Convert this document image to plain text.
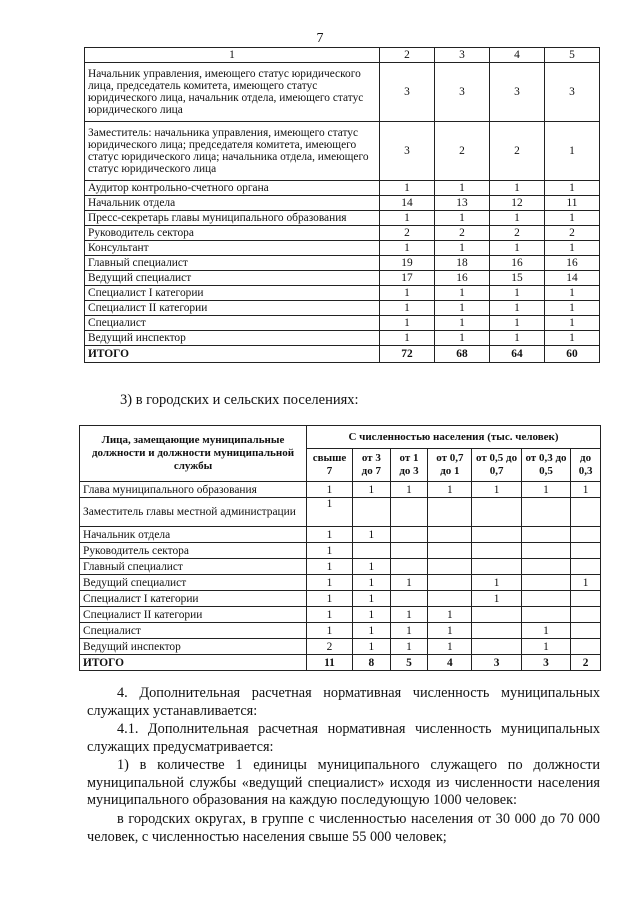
7
1	2	3	4	5
Начальник управления, имеющего статус юридического лица, председатель комитета, имеющего статус юридического лица, начальник отдела, имеющего статус юридического лица	3	3	3	3
Заместитель: начальника управления, имеющего статус юридического лица; председателя комитета, имеющего статус юридического лица; начальника отдела, имеющего статус юридического лица	3	2	2	1
Аудитор контрольно-счетного органа	1	1	1	1
Начальник отдела	14	13	12	11
Пресс-секретарь главы муниципального образования	1	1	1	1
Руководитель сектора	2	2	2	2
Консультант	1	1	1	1
Главный специалист	19	18	16	16
Ведущий специалист	17	16	15	14
Специалист I категории	1	1	1	1
Специалист II категории	1	1	1	1
Специалист	1	1	1	1
Ведущий инспектор	1	1	1	1
ИТОГО	72	68	64	60
3) в городских и сельских поселениях:
Лица, замещающие муниципальные должности и должности муниципальной службы	С численностью населения (тыс. человек)						
	свыше 7	от 3 до 7	от 1 до 3	от 0,7 до 1	от 0,5 до 0,7	от 0,3 до 0,5	до 0,3
Глава муниципального образования	1	1	1	1	1	1	1
Заместитель главы местной администрации	1						
Начальник отдела	1	1					
Руководитель сектора	1						
Главный специалист	1	1					
Ведущий специалист	1	1	1		1		1
Специалист I категории	1	1			1		
Специалист II категории	1	1	1	1			
Специалист	1	1	1	1		1	
Ведущий инспектор	2	1	1	1		1	
ИТОГО	11	8	5	4	3	3	2
4. Дополнительная расчетная нормативная численность муниципальных служащих устанавливается:
4.1. Дополнительная расчетная нормативная численность муниципальных служащих предусматривается:
1) в количестве 1 единицы муниципального служащего по должности муниципальной службы «ведущий специалист» исходя из численности населения муниципального образования на каждую последующую 1000 человек:
в городских округах, в группе с численностью населения от 30 000 до 70 000 человек, с численностью населения свыше 55 000 человек;
